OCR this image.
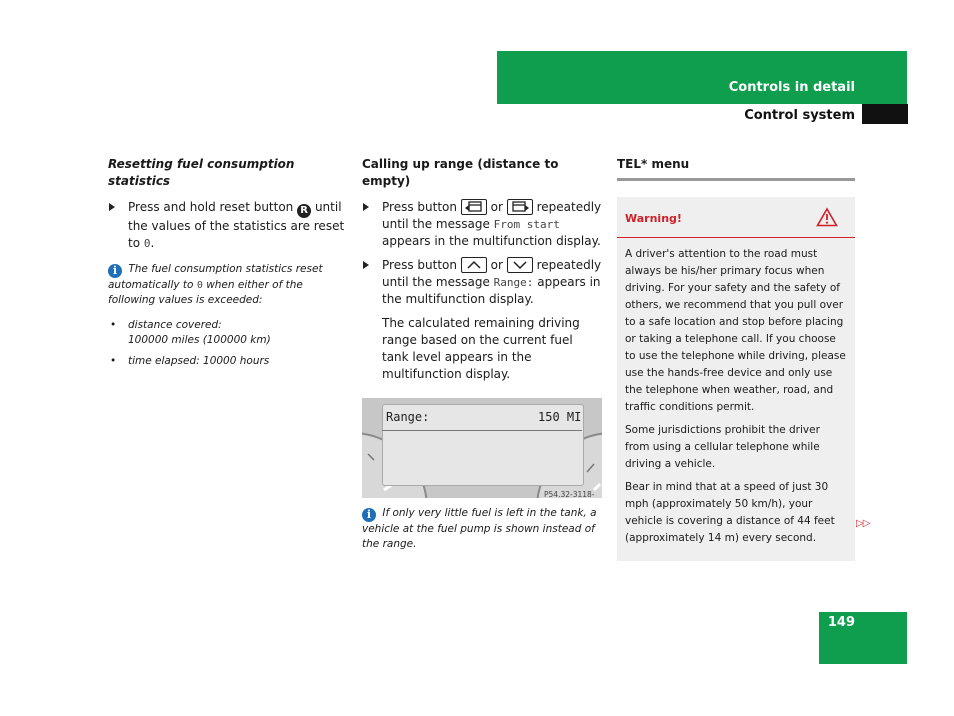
Controls in detail
Control system
Resetting fuel consumption statistics
Press and hold reset button R until the values of the statistics are reset to 0.
i The fuel consumption statistics reset automatically to 0 when either of the following values is exceeded:
• distance covered:
100000 miles (100000 km)
• time elapsed: 10000 hours
Calling up range (distance to empty)
Press button	or	repeatedly until the message From start appears in the multifunction display.
Press button	or	repeatedly until the message Range: appears in the multifunction display.
The calculated remaining driving range based on the current fuel tank level appears in the multifunction display.
Range:	150 MI
P54.32-3118-
i If only very little fuel is left in the tank, a vehicle at the fuel pump is shown instead of the range.
TEL* menu
Warning!

A driver's attention to the road must always be his/her primary focus when driving. For your safety and the safety of others, we recommend that you pull over to a safe location and stop before placing or taking a telephone call. If you choose to use the telephone while driving, please use the hands-free device and only use the telephone when weather, road, and traffic conditions permit.

Some jurisdictions prohibit the driver from using a cellular telephone while driving a vehicle.

Bear in mind that at a speed of just 30 mph (approximately 50 km/h), your vehicle is covering a distance of 44 feet (approximately 14 m) every second.

▷▷
149
